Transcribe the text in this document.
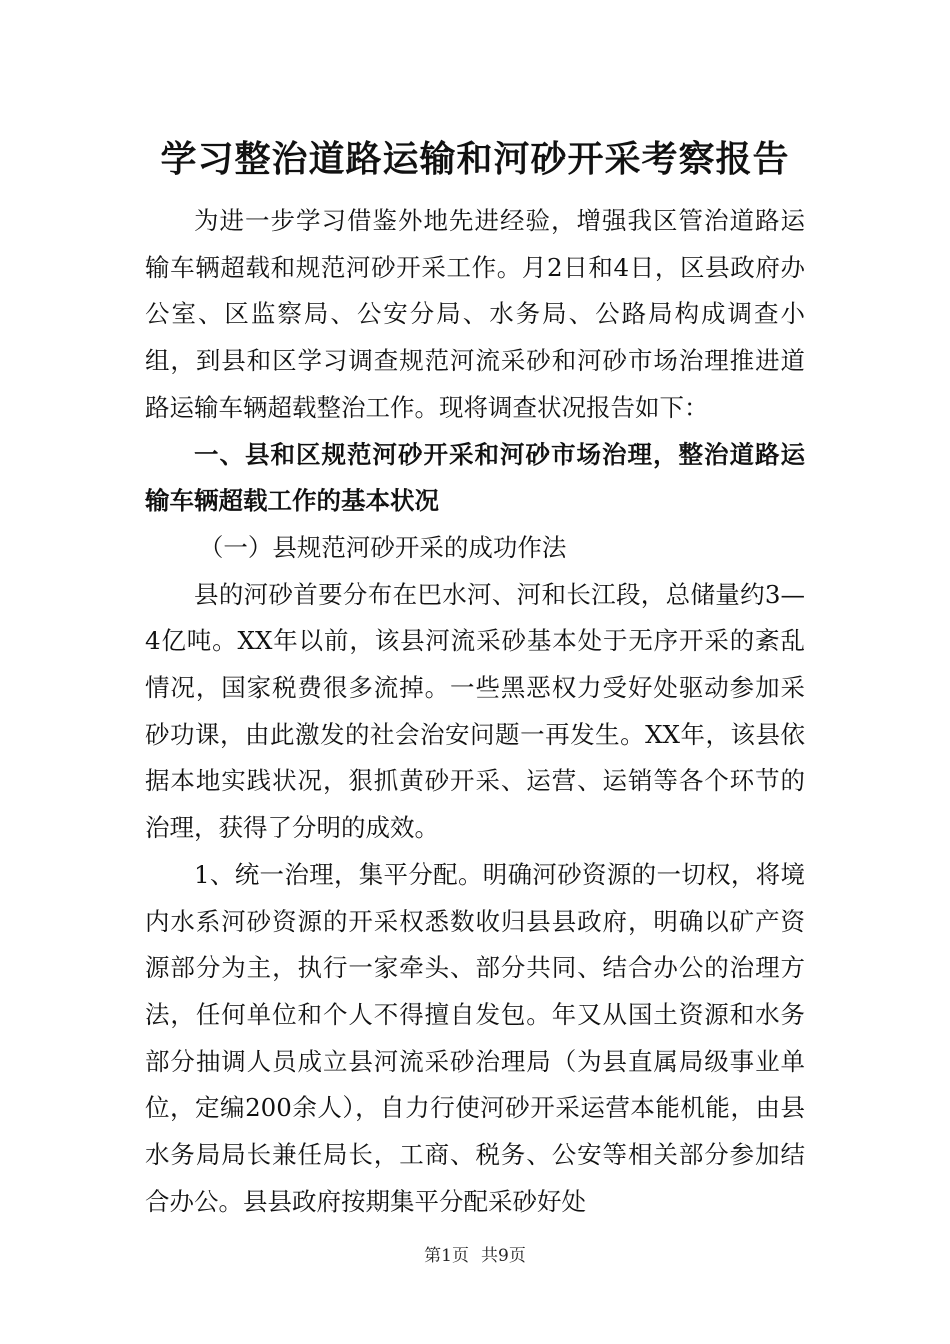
学习整治道路运输和河砂开采考察报告

为进一步学习借鉴外地先进经验，增强我区管治道路运输车辆超载和规范河砂开采工作。月2日和4日，区县政府办公室、区监察局、公安分局、水务局、公路局构成调查小组，到县和区学习调查规范河流采砂和河砂市场治理推进道路运输车辆超载整治工作。现将调查状况报告如下：

一、县和区规范河砂开采和河砂市场治理，整治道路运输车辆超载工作的基本状况

（一）县规范河砂开采的成功作法

县的河砂首要分布在巴水河、河和长江段，总储量约3—4亿吨。XX年以前，该县河流采砂基本处于无序开采的紊乱情况，国家税费很多流掉。一些黑恶权力受好处驱动参加采砂功课，由此激发的社会治安问题一再发生。XX年，该县依据本地实践状况，狠抓黄砂开采、运营、运销等各个环节的治理，获得了分明的成效。

1、统一治理，集平分配。明确河砂资源的一切权，将境内水系河砂资源的开采权悉数收归县县政府，明确以矿产资源部分为主，执行一家牵头、部分共同、结合办公的治理方法，任何单位和个人不得擅自发包。年又从国土资源和水务部分抽调人员成立县河流采砂治理局（为县直属局级事业单位，定编200余人），自力行使河砂开采运营本能机能，由县水务局局长兼任局长，工商、税务、公安等相关部分参加结合办公。县县政府按期集平分配采砂好处

第1页 共9页
